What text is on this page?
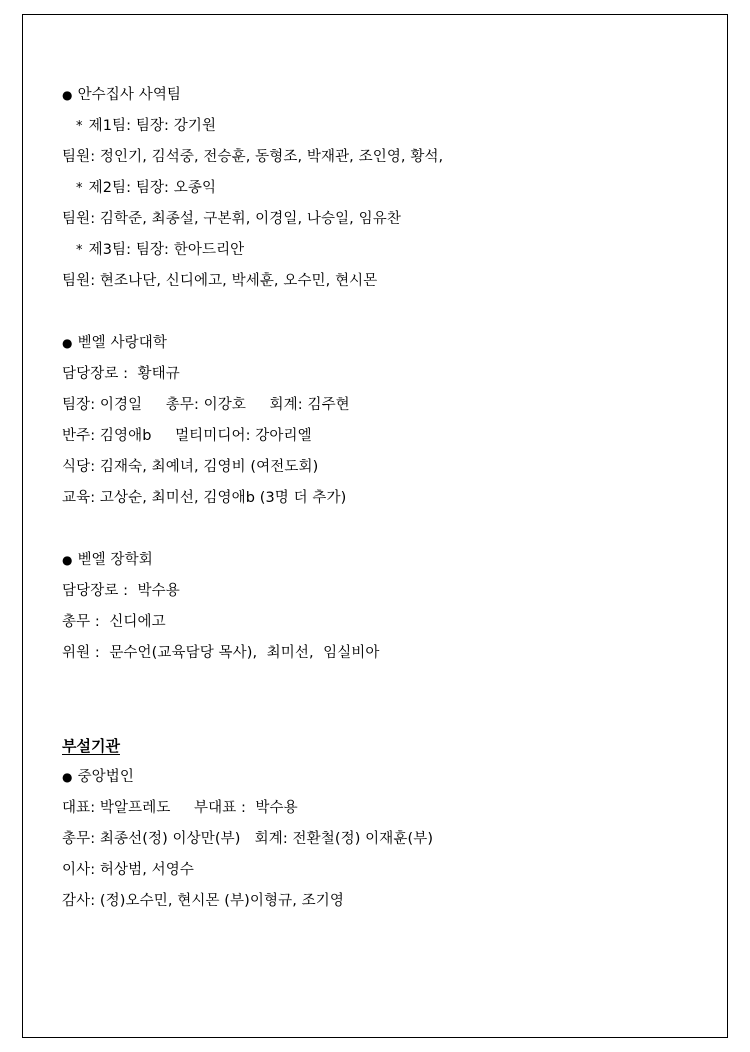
● 안수집사 사역팀
* 제1팀: 팀장: 강기원
팀원: 정인기, 김석중, 전승훈, 동형조, 박재관, 조인영, 황석,
* 제2팀: 팀장: 오종익
팀원: 김학준, 최종설, 구본휘, 이경일, 나승일, 임유찬
* 제3팀: 팀장: 한아드리안
팀원: 현조나단, 신디에고, 박세훈, 오수민, 현시몬
● 벧엘 사랑대학
담당장로 :  황태규
팀장: 이경일     총무: 이강호     회계: 김주현
반주: 김영애b     멀티미디어: 강아리엘
식당: 김재숙, 최예녀, 김영비 (여전도회)
교육: 고상순, 최미선, 김영애b (3명 더 추가)
● 벧엘 장학회
담당장로 :  박수용
총무 :  신디에고
위원 :  문수언(교육담당 목사),  최미선,  임실비아
부설기관
● 중앙법인
대표: 박알프레도     부대표 :  박수용
총무: 최종선(정) 이상만(부)   회계: 전환철(정) 이재훈(부)
이사: 허상범, 서영수
감사: (정)오수민, 현시몬 (부)이형규, 조기영
